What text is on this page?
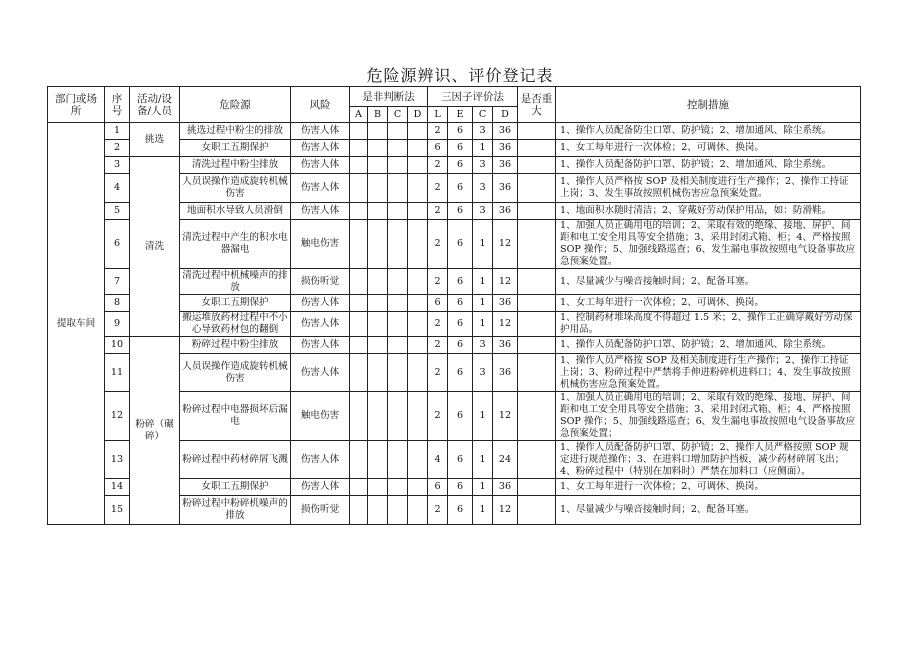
危险源辨识、评价登记表
部门或场所	序号	活动/设备/人员	危险源	风险	是非判断法				三因子评价法				是否重大	控制措施
					A	B	C	D	L	E	C	D		
提取车间	1	挑选	挑选过程中粉尘的排放	伤害人体					2	6	3	36		1、操作人员配备防尘口罩、防护镜；2、增加通风、除尘系统。
	2		女职工五期保护	伤害人体					6	6	1	36		1、女工每年进行一次体检；2、可调休、换岗。
	3	清洗	清洗过程中粉尘排放	伤害人体					2	6	3	36		1、操作人员配备防护口罩、防护镜；2、增加通风、除尘系统。
	4		人员误操作造成旋转机械伤害	伤害人体					2	6	3	36		1、操作人员严格按 SOP 及相关制度进行生产操作；2、操作工持证上岗；3、发生事故按照机械伤害应急预案处置。
	5		地面积水导致人员滑倒	伤害人体					2	6	3	36		1、地面积水随时清洁；2、穿戴好劳动保护用品，如：防滑鞋。
	6		清洗过程中产生的积水电器漏电	触电伤害					2	6	1	12		1、加强人员正确用电的培训；2、采取有效的绝缘、接地、屏护、间距和电工安全用具等安全措施；3、采用封闭式箱、柜；4、严格按照SOP 操作；5、加强线路巡查；6、发生漏电事故按照电气设备事故应急预案处置。
	7		清洗过程中机械噪声的排放	损伤听觉					2	6	1	12		1、尽量减少与噪音接触时间；2、配备耳塞。
	8		女职工五期保护	伤害人体					6	6	1	36		1、女工每年进行一次体检；2、可调休、换岗。
	9		搬运堆放药材过程中不小心导致药材包的翻倒	伤害人体					2	6	1	12		1、控制药材堆垛高度不得超过 1.5 米；2、操作工正确穿戴好劳动保护用品。
	10	粉碎（碾碎）	粉碎过程中粉尘排放	伤害人体					2	6	3	36		1、操作人员配备防护口罩、防护镜；2、增加通风、除尘系统。
	11		人员误操作造成旋转机械伤害	伤害人体					2	6	3	36		1、操作人员严格按 SOP 及相关制度进行生产操作；2、操作工持证上岗；3、粉碎过程中严禁将手伸进粉碎机进料口；4、发生事故按照机械伤害应急预案处置。
	12		粉碎过程中电器损坏后漏电	触电伤害					2	6	1	12		1、加强人员正确用电的培训；2、采取有效的绝缘、接地、屏护、间距和电工安全用具等安全措施；3、采用封闭式箱、柜；4、严格按照SOP 操作；5、加强线路巡查；6、发生漏电事故按照电气设备事故应急预案处置；
	13		粉碎过程中药材碎屑飞溅	伤害人体					4	6	1	24		1、操作人员配备防护口罩、防护镜；2、操作人员严格按照 SOP 规定进行规范操作；3、在进料口增加防护挡板，减少药材碎屑飞出；4、粉碎过程中（特别在加料时）严禁在加料口（应侧面）。
	14		女职工五期保护	伤害人体					6	6	1	36		1、女工每年进行一次体检；2、可调休、换岗。
	15		粉碎过程中粉碎机噪声的排放	损伤听觉					2	6	1	12		1、尽量减少与噪音接触时间；2、配备耳塞。
